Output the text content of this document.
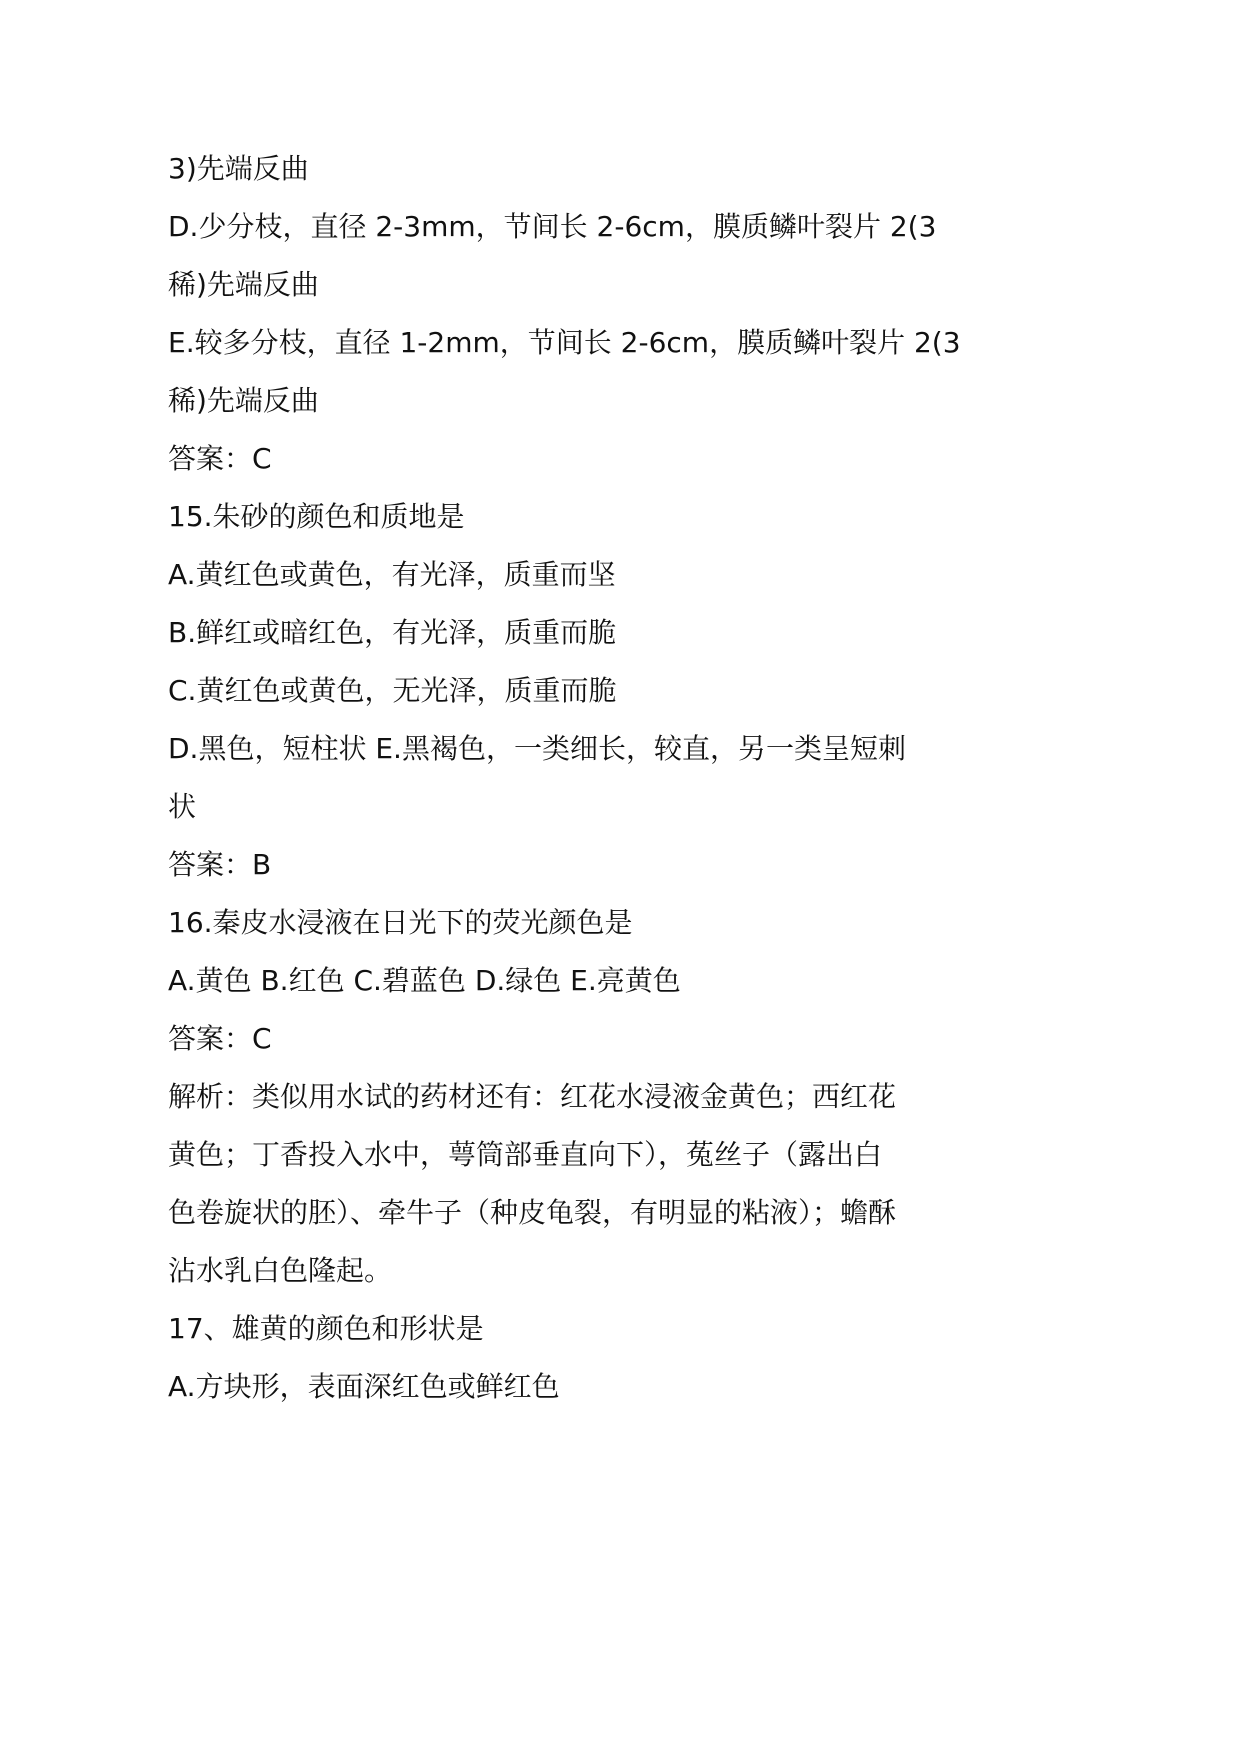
3)先端反曲
D.少分枝，直径 2-3mm，节间长 2-6cm，膜质鳞叶裂片 2(3
稀)先端反曲
E.较多分枝，直径 1-2mm，节间长 2-6cm，膜质鳞叶裂片 2(3
稀)先端反曲
答案：C
15.朱砂的颜色和质地是
A.黄红色或黄色，有光泽，质重而坚
B.鲜红或暗红色，有光泽，质重而脆
C.黄红色或黄色，无光泽，质重而脆
D.黑色，短柱状 E.黑褐色，一类细长，较直，另一类呈短刺
状
答案：B
16.秦皮水浸液在日光下的荧光颜色是
A.黄色 B.红色 C.碧蓝色 D.绿色 E.亮黄色
答案：C
解析：类似用水试的药材还有：红花水浸液金黄色；西红花
黄色；丁香投入水中，萼筒部垂直向下），菟丝子（露出白
色卷旋状的胚）、牵牛子（种皮龟裂，有明显的粘液）；蟾酥
沾水乳白色隆起。
17、雄黄的颜色和形状是
A.方块形，表面深红色或鲜红色
